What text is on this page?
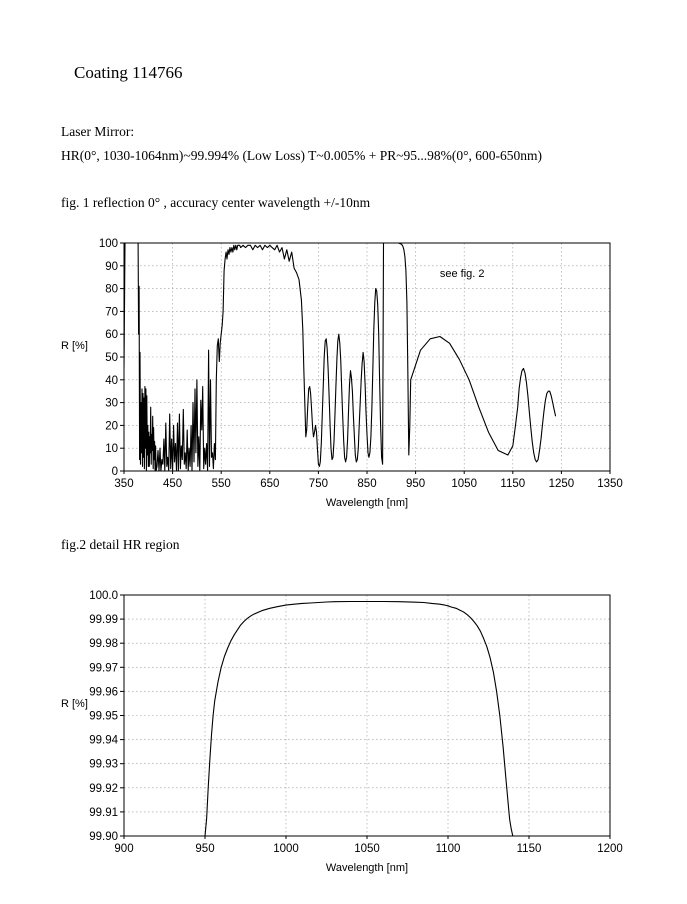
Coating 114766
Laser Mirror:
HR(0°, 1030-1064nm)~99.994% (Low Loss) T~0.005% + PR~95...98%(0°, 600-650nm)
fig. 1 reflection 0° , accuracy center wavelength +/-10nm
350	450	550	650	750	850	950 1050 1150 1250 1350
0
10
20
30
40
50
60
70
80
90
100
Wavelength [nm]
R [%]
see fig. 2
fig.2 detail HR region
900	950	1000	1050	1100	1150	1200
99.90
99.91
99.92
99.93
99.94
99.95
99.96
99.97
99.98
99.99
100.0
Wavelength [nm]
R [%]
